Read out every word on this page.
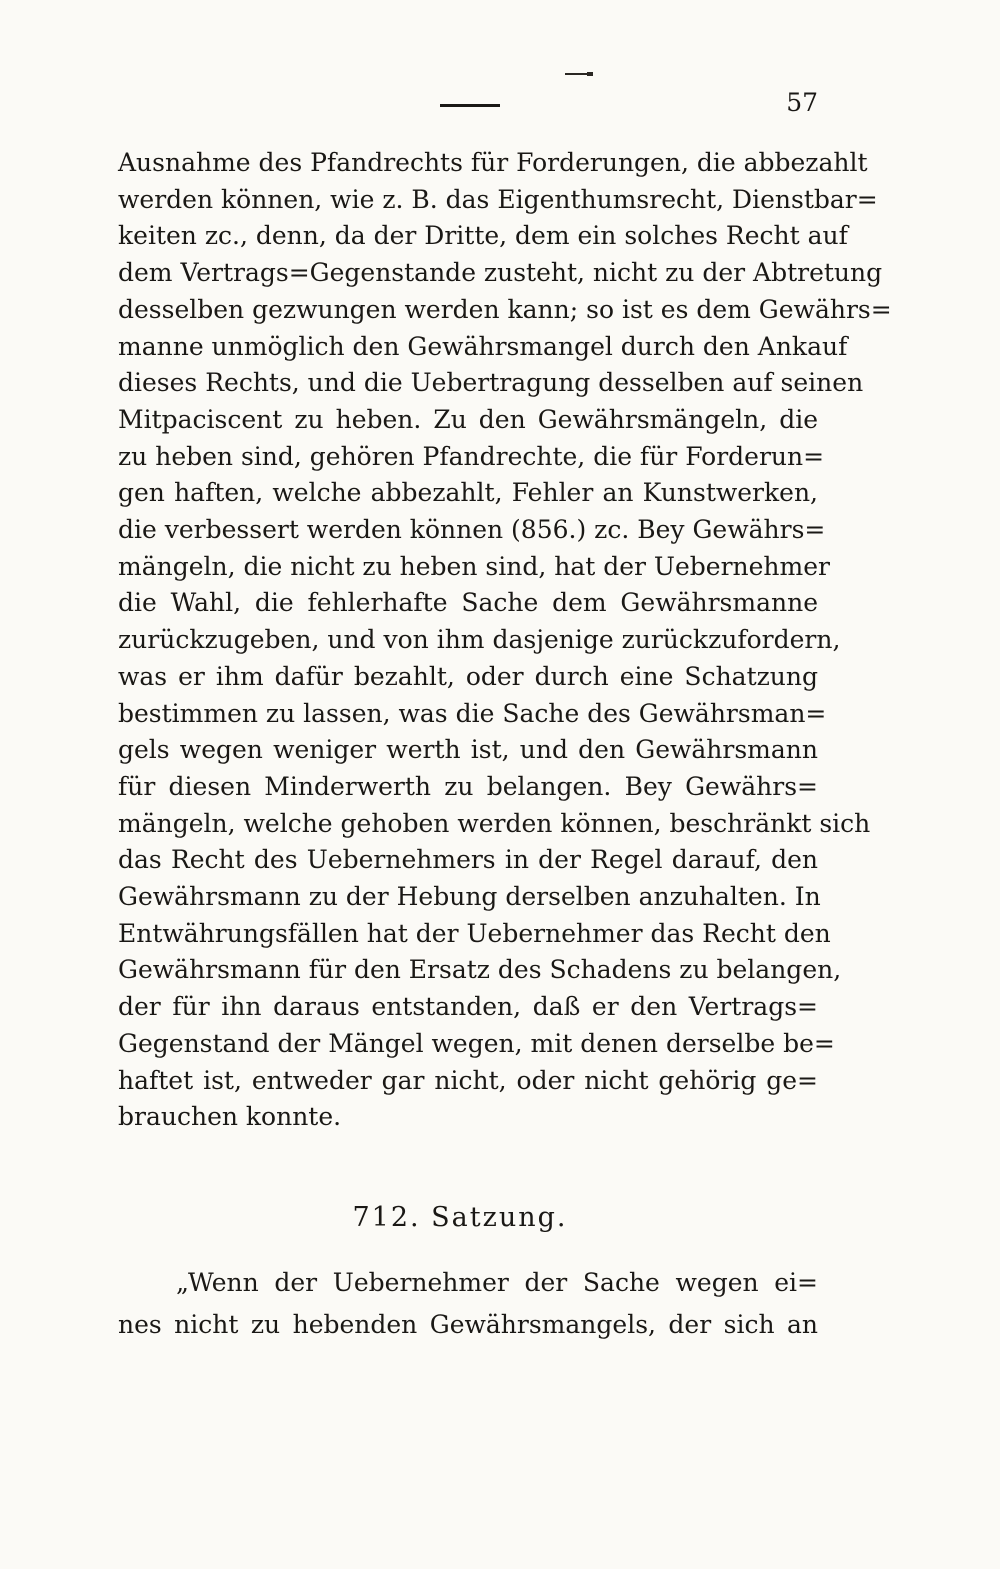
57
Ausnahme des Pfandrechts für Forderungen, die abbezahlt
werden können, wie z. B. das Eigenthumsrecht, Dienstbar=
keiten zc., denn, da der Dritte, dem ein solches Recht auf
dem Vertrags=Gegenstande zusteht, nicht zu der Abtretung
desselben gezwungen werden kann; so ist es dem Gewährs=
manne unmöglich den Gewährsmangel durch den Ankauf
dieses Rechts, und die Uebertragung desselben auf seinen
Mitpaciscent zu heben. Zu den Gewährsmängeln, die
zu heben sind, gehören Pfandrechte, die für Forderun=
gen haften, welche abbezahlt, Fehler an Kunstwerken,
die verbessert werden können (856.) zc. Bey Gewährs=
mängeln, die nicht zu heben sind, hat der Uebernehmer
die Wahl, die fehlerhafte Sache dem Gewährsmanne
zurückzugeben, und von ihm dasjenige zurückzufordern,
was er ihm dafür bezahlt, oder durch eine Schatzung
bestimmen zu lassen, was die Sache des Gewährsman=
gels wegen weniger werth ist, und den Gewährsmann
für diesen Minderwerth zu belangen. Bey Gewährs=
mängeln, welche gehoben werden können, beschränkt sich
das Recht des Uebernehmers in der Regel darauf, den
Gewährsmann zu der Hebung derselben anzuhalten. In
Entwährungsfällen hat der Uebernehmer das Recht den
Gewährsmann für den Ersatz des Schadens zu belangen,
der für ihn daraus entstanden, daß er den Vertrags=
Gegenstand der Mängel wegen, mit denen derselbe be=
haftet ist, entweder gar nicht, oder nicht gehörig ge=
brauchen konnte.
712. Satzung.
„Wenn der Uebernehmer der Sache wegen ei=
nes nicht zu hebenden Gewährsmangels, der sich an
